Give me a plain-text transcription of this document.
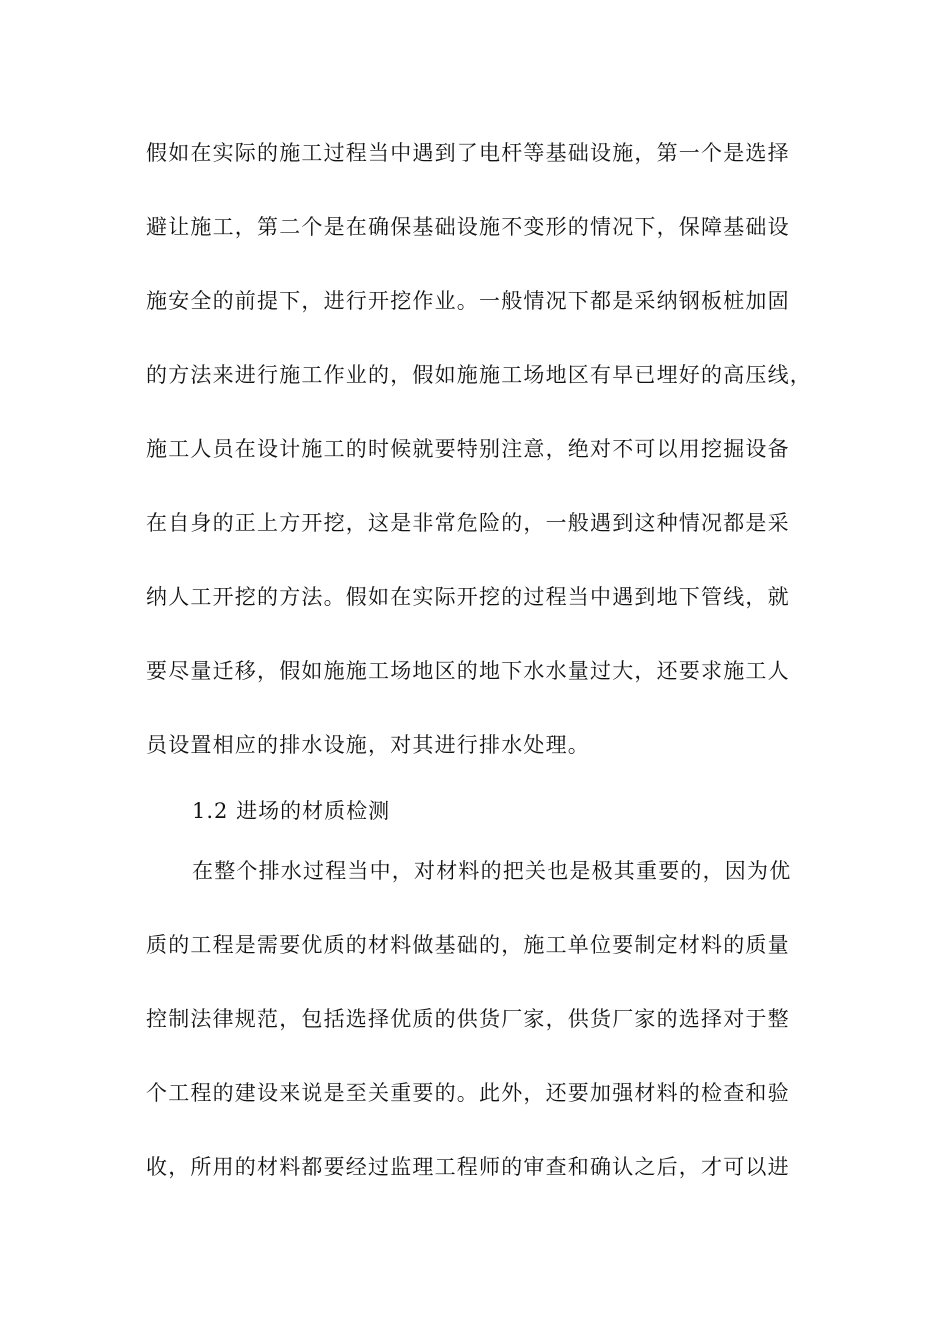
假如在实际的施工过程当中遇到了电杆等基础设施，第一个是选择
避让施工，第二个是在确保基础设施不变形的情况下，保障基础设
施安全的前提下，进行开挖作业。一般情况下都是采纳钢板桩加固
的方法来进行施工作业的，假如施施工场地区有早已埋好的高压线，
施工人员在设计施工的时候就要特别注意，绝对不可以用挖掘设备
在自身的正上方开挖，这是非常危险的，一般遇到这种情况都是采
纳人工开挖的方法。假如在实际开挖的过程当中遇到地下管线，就
要尽量迁移，假如施施工场地区的地下水水量过大，还要求施工人
员设置相应的排水设施，对其进行排水处理。
1.2 进场的材质检测
在整个排水过程当中，对材料的把关也是极其重要的，因为优
质的工程是需要优质的材料做基础的，施工单位要制定材料的质量
控制法律规范，包括选择优质的供货厂家，供货厂家的选择对于整
个工程的建设来说是至关重要的。此外，还要加强材料的检查和验
收，所用的材料都要经过监理工程师的审查和确认之后，才可以进
